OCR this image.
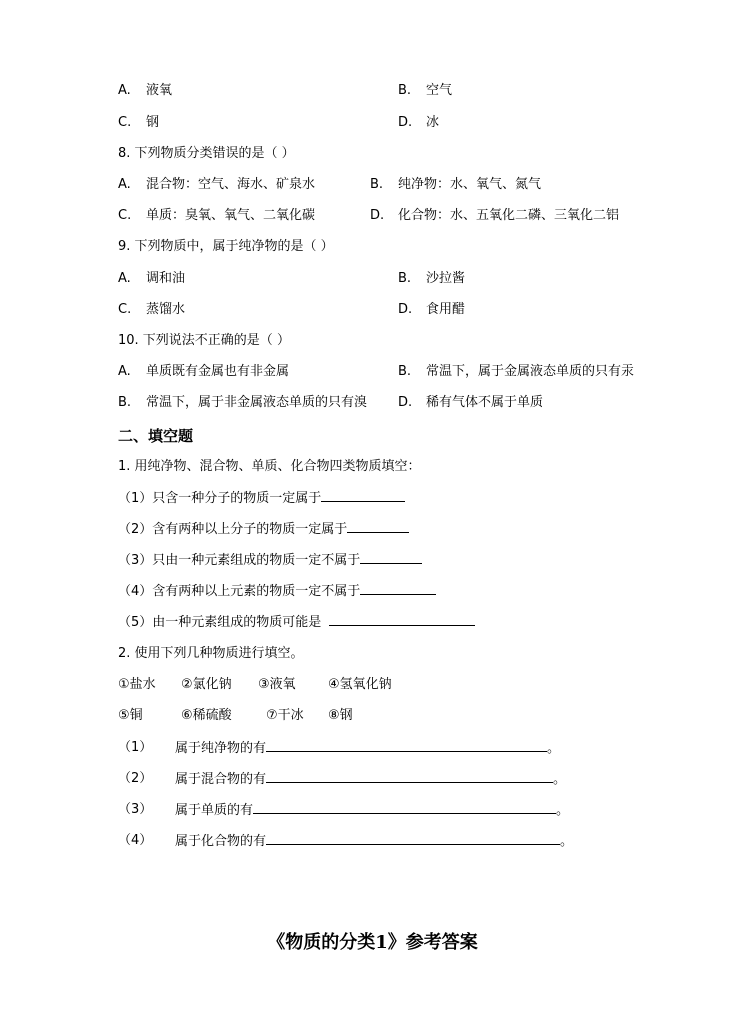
A. 液氧	B. 空气
C. 钢	D. 冰
8. 下列物质分类错误的是（ ）
A. 混合物：空气、海水、矿泉水	B. 纯净物：水、氧气、氮气
C. 单质：臭氧、氧气、二氧化碳	D. 化合物：水、五氧化二磷、三氧化二铝
9. 下列物质中，属于纯净物的是（ ）
A. 调和油	B. 沙拉酱
C. 蒸馏水	D. 食用醋
10. 下列说法不正确的是（ ）
A. 单质既有金属也有非金属	B. 常温下，属于金属液态单质的只有汞
B. 常温下，属于非金属液态单质的只有溴 D. 稀有气体不属于单质
二、填空题
1. 用纯净物、混合物、单质、化合物四类物质填空：
（1）只含一种分子的物质一定属于
（2）含有两种以上分子的物质一定属于
（3）只由一种元素组成的物质一定不属于
（4）含有两种以上元素的物质一定不属于
（5）由一种元素组成的物质可能是
2. 使用下列几种物质进行填空。
①盐水 ②氯化钠 ③液氧 ④氢氧化钠
⑤铜	⑥稀硫酸	⑦干冰 ⑧钢
（1） 属于纯净物的有	。
（2） 属于混合物的有	。
（3） 属于单质的有	。
（4） 属于化合物的有	。
《物质的分类1》参考答案
